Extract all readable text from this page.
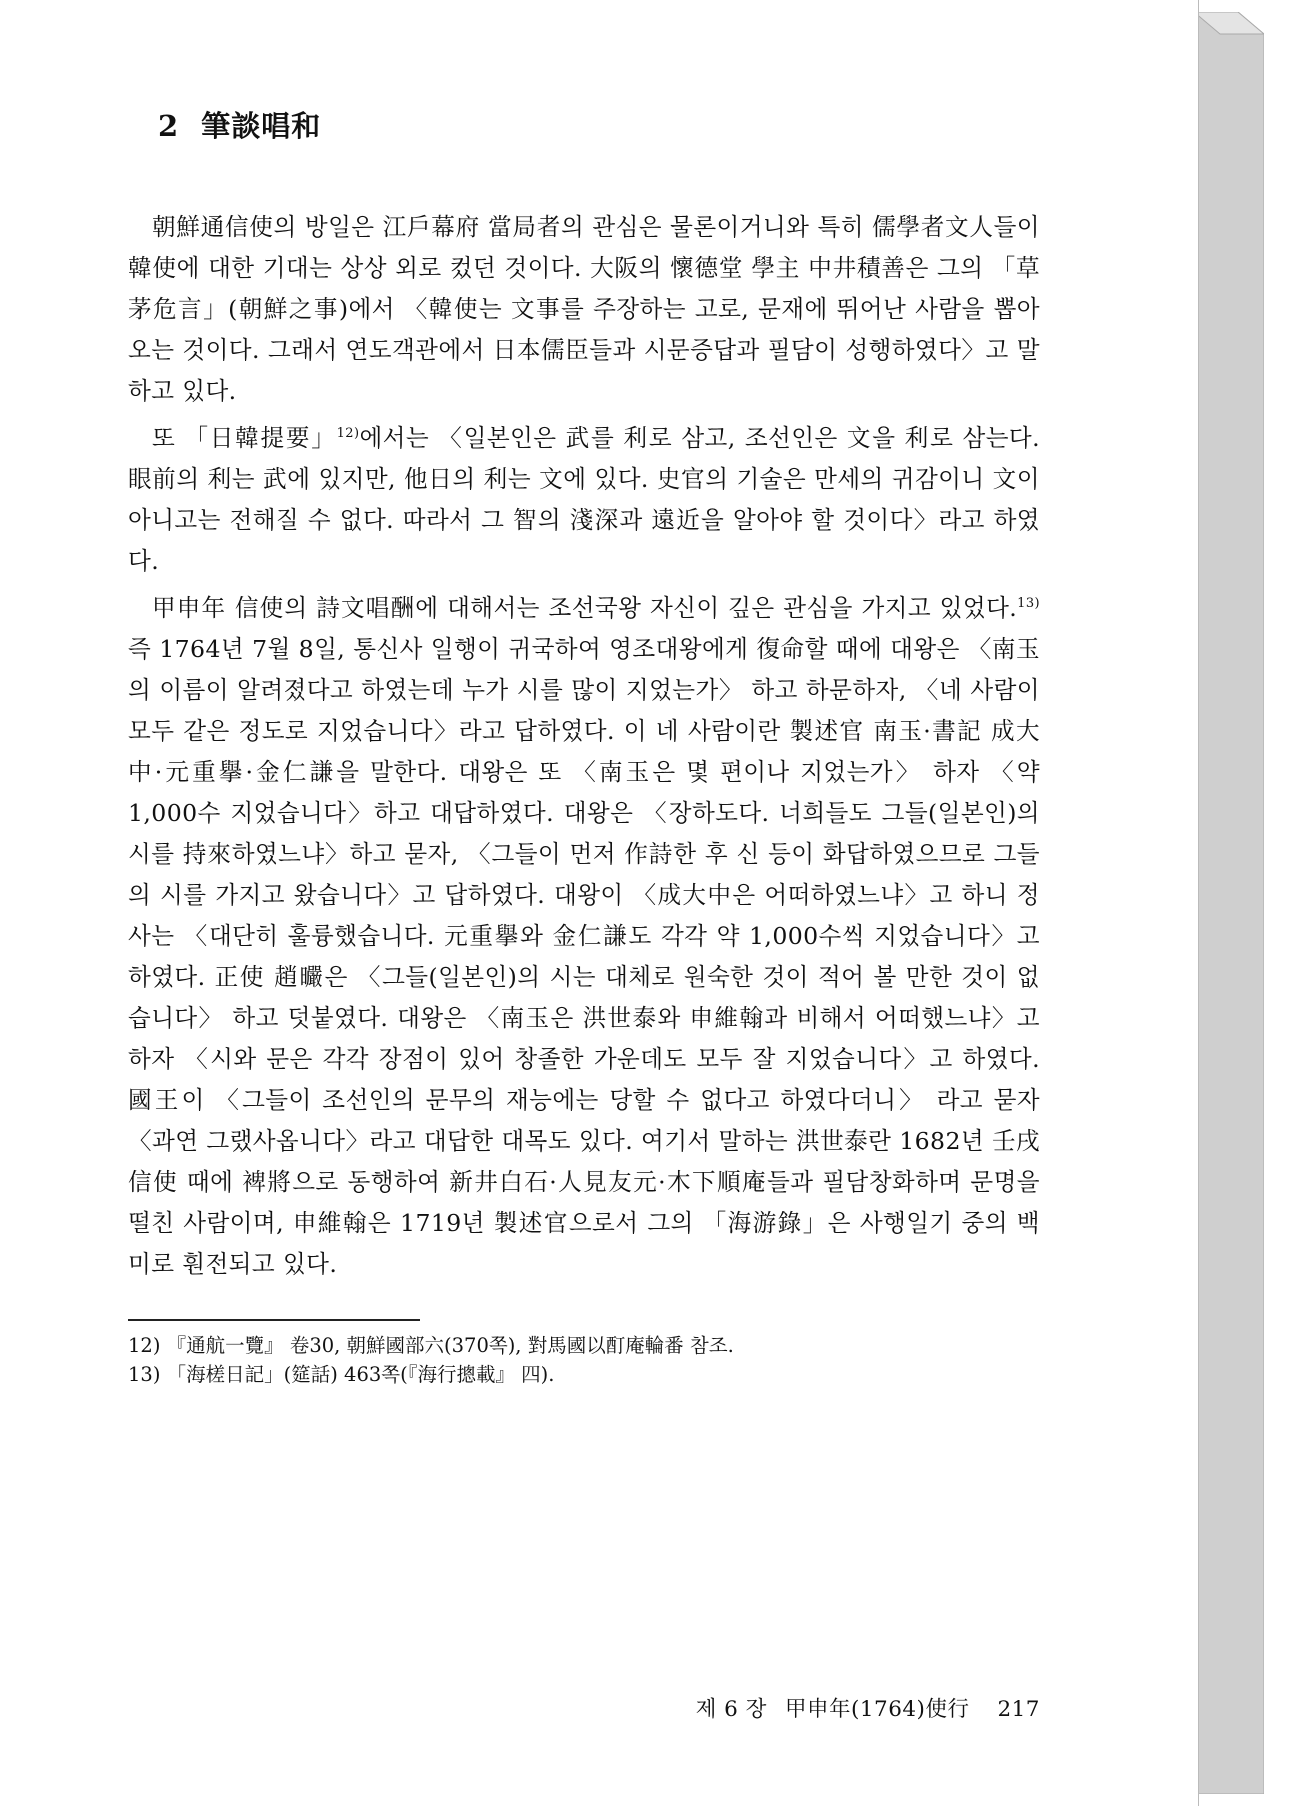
2 筆談唱和

朝鮮通信使의 방일은 江戶幕府 當局者의 관심은 물론이거니와 특히 儒學者文人들이 韓使에 대한 기대는 상상 외로 컸던 것이다. 大阪의 懷德堂 學主 中井積善은 그의 「草茅危言」(朝鮮之事)에서 〈韓使는 文事를 주장하는 고로, 문재에 뛰어난 사람을 뽑아 오는 것이다. 그래서 연도객관에서 日本儒臣들과 시문증답과 필담이 성행하였다〉고 말하고 있다.

또 「日韓提要」$^{12)}$에서는 〈일본인은 武를 利로 삼고, 조선인은 文을 利로 삼는다. 眼前의 利는 武에 있지만, 他日의 利는 文에 있다. 史官의 기술은 만세의 귀감이니 文이 아니고는 전해질 수 없다. 따라서 그 智의 淺深과 遠近을 알아야 할 것이다〉라고 하였다.

甲申年 信使의 詩文唱酬에 대해서는 조선국왕 자신이 깊은 관심을 가지고 있었다.$^{13)}$ 즉 1764년 7월 8일, 통신사 일행이 귀국하여 영조대왕에게 復命할 때에 대왕은 〈南玉의 이름이 알려졌다고 하였는데 누가 시를 많이 지었는가〉 하고 하문하자, 〈네 사람이 모두 같은 정도로 지었습니다〉라고 답하였다. 이 네 사람이란 製述官 南玉·書記 成大中·元重擧·金仁謙을 말한다. 대왕은 또 〈南玉은 몇 편이나 지었는가〉 하자 〈약 1,000수 지었습니다〉하고 대답하였다. 대왕은 〈장하도다. 너희들도 그들(일본인)의 시를 持來하였느냐〉하고 묻자, 〈그들이 먼저 作詩한 후 신 등이 화답하였으므로 그들의 시를 가지고 왔습니다〉고 답하였다. 대왕이 〈成大中은 어떠하였느냐〉고 하니 정사는 〈대단히 훌륭했습니다. 元重擧와 金仁謙도 각각 약 1,000수씩 지었습니다〉고 하였다. 正使 趙曮은 〈그들(일본인)의 시는 대체로 원숙한 것이 적어 볼 만한 것이 없습니다〉 하고 덧붙였다. 대왕은 〈南玉은 洪世泰와 申維翰과 비해서 어떠했느냐〉고 하자 〈시와 문은 각각 장점이 있어 창졸한 가운데도 모두 잘 지었습니다〉고 하였다. 國王이 〈그들이 조선인의 문무의 재능에는 당할 수 없다고 하였다더니〉 라고 묻자 〈과연 그랬사옵니다〉라고 대답한 대목도 있다. 여기서 말하는 洪世泰란 1682년 壬戌信使 때에 裨將으로 동행하여 新井白石·人見友元·木下順庵들과 필담창화하며 문명을 떨친 사람이며, 申維翰은 1719년 製述官으로서 그의 「海游錄」은 사행일기 중의 백미로 훤전되고 있다.

12) 『通航一覽』 卷30, 朝鮮國部六(370쪽), 對馬國以酊庵輪番 참조.

13) 「海槎日記」(筵話) 463쪽(『海行摠載』 四).

제 6 장 甲申年(1764)使行 217
